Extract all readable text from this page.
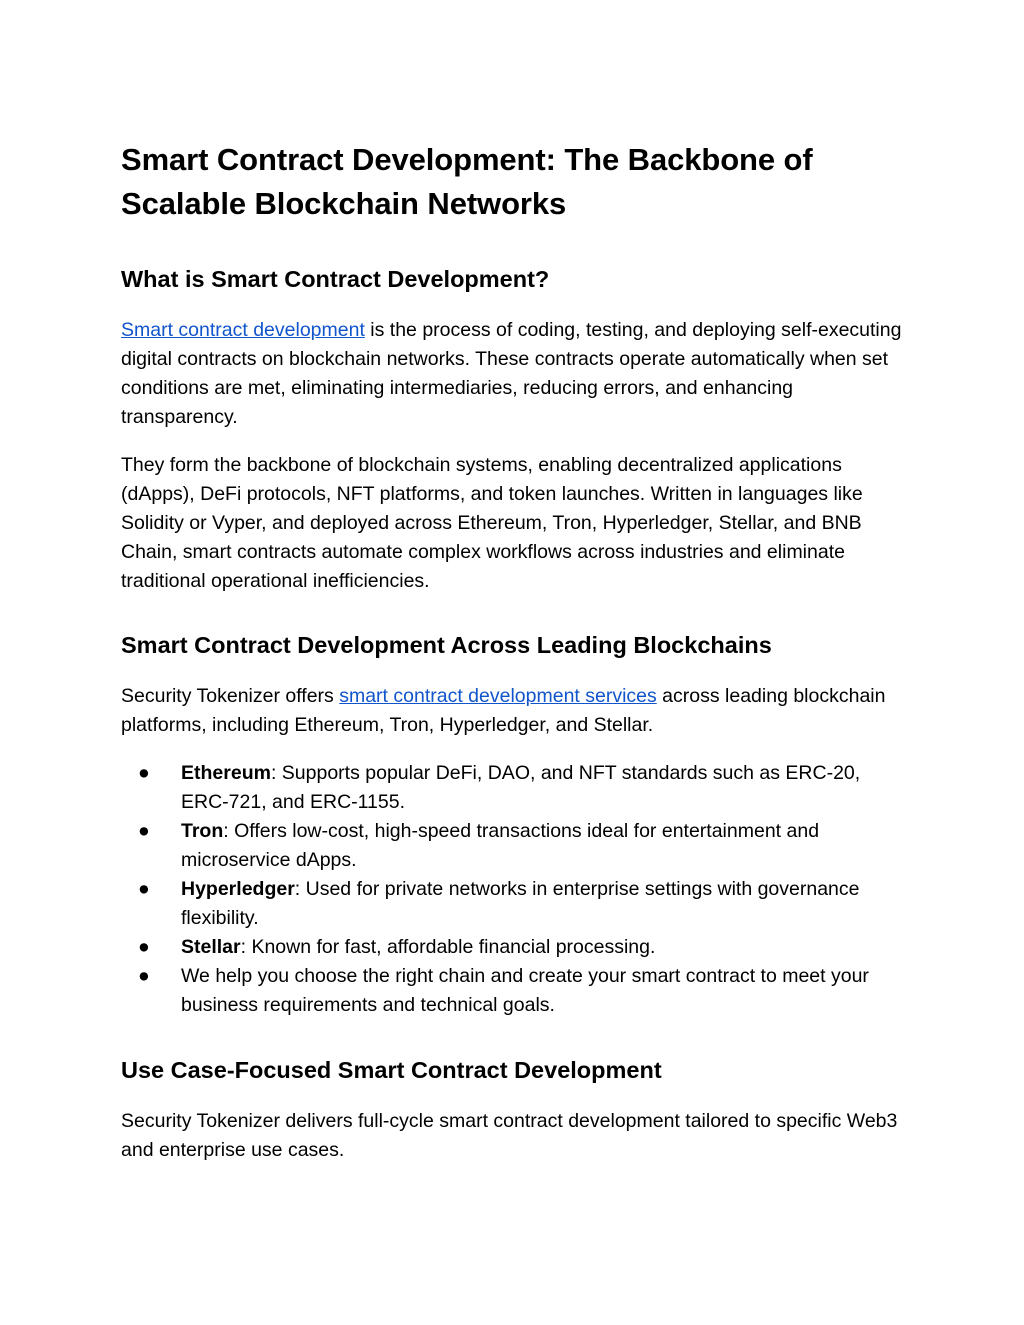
Smart Contract Development: The Backbone of Scalable Blockchain Networks
What is Smart Contract Development?

Smart contract development is the process of coding, testing, and deploying self-executing digital contracts on blockchain networks. These contracts operate automatically when set conditions are met, eliminating intermediaries, reducing errors, and enhancing transparency.

They form the backbone of blockchain systems, enabling decentralized applications (dApps), DeFi protocols, NFT platforms, and token launches. Written in languages like Solidity or Vyper, and deployed across Ethereum, Tron, Hyperledger, Stellar, and BNB Chain, smart contracts automate complex workflows across industries and eliminate traditional operational inefficiencies.

Smart Contract Development Across Leading Blockchains

Security Tokenizer offers smart contract development services across leading blockchain platforms, including Ethereum, Tron, Hyperledger, and Stellar.

●	Ethereum: Supports popular DeFi, DAO, and NFT standards such as ERC-20, ERC-721, and ERC-1155.
●	Tron: Offers low-cost, high-speed transactions ideal for entertainment and microservice dApps.
●	Hyperledger: Used for private networks in enterprise settings with governance flexibility.
●	Stellar: Known for fast, affordable financial processing.
●	We help you choose the right chain and create your smart contract to meet your business requirements and technical goals.
Use Case-Focused Smart Contract Development

Security Tokenizer delivers full-cycle smart contract development tailored to specific Web3 and enterprise use cases.
